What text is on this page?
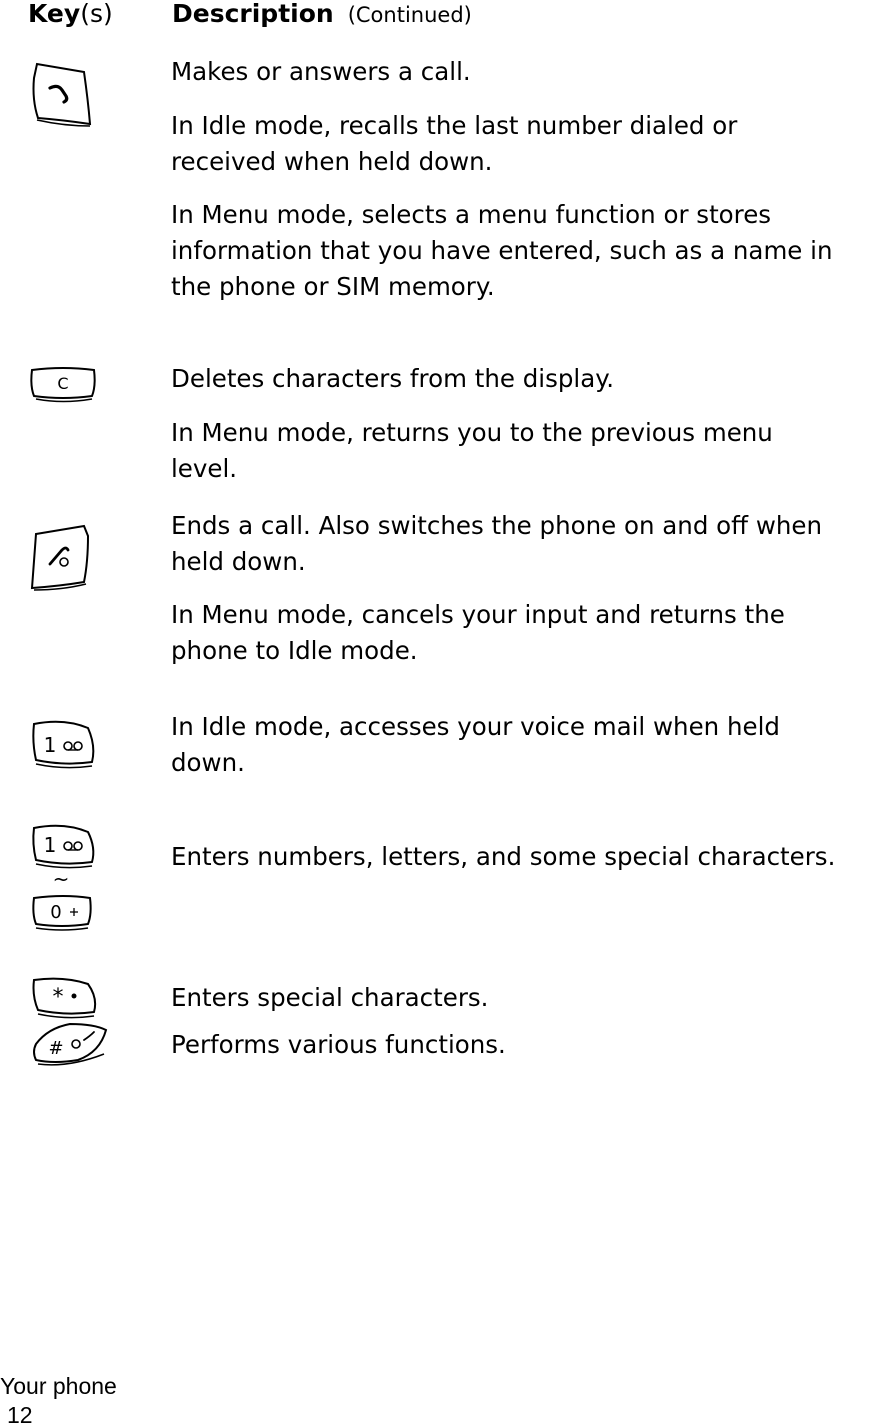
Key(s) Description (Continued)

Makes or answers a call.

In Idle mode, recalls the last number dialed or
received when held down.

In Menu mode, selects a menu function or stores
information that you have entered, such as a name in
the phone or SIM memory.

C	Deletes characters from the display.

In Menu mode, returns you to the previous menu
level.

Ends a call. Also switches the phone on and off when
held down.

In Menu mode, cancels your input and returns the
phone to Idle mode.

1

In Idle mode, accesses your voice mail when held
down.

1
~
0

Enters numbers, letters, and some special characters.

*
#

Enters special characters.

Performs various functions.

Your phone
12
